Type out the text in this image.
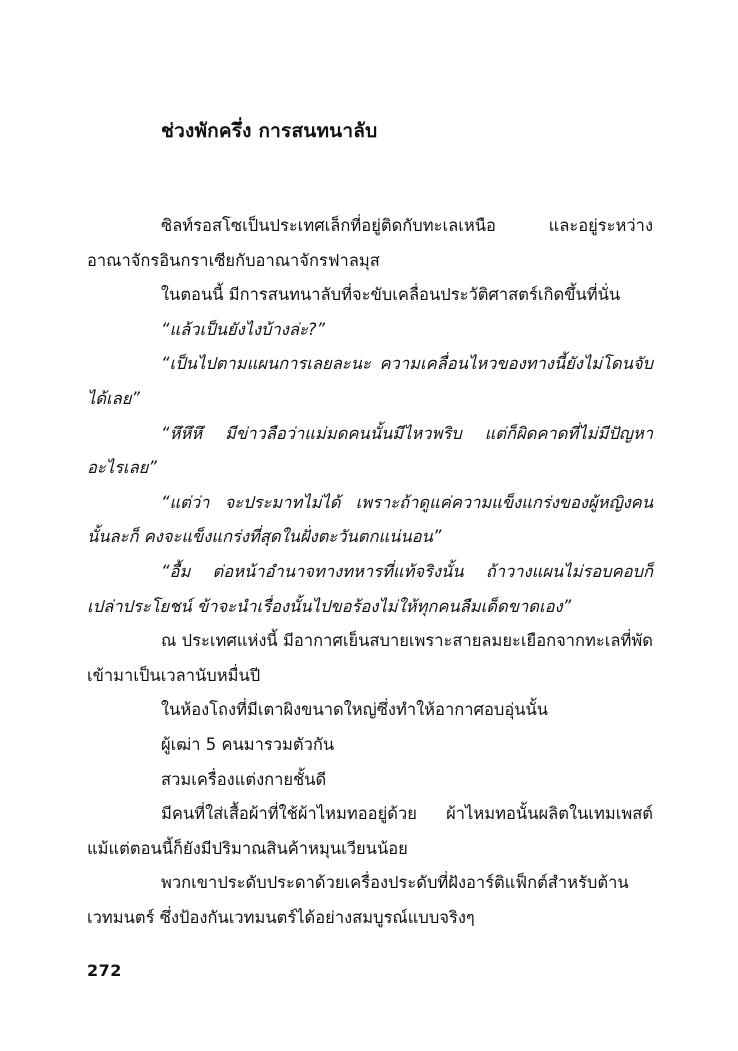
ช่วงพักครึ่ง การสนทนาลับ

ซิลท์รอสโซเป็นประเทศเล็กที่อยู่ติดกับทะเลเหนือ และอยู่ระหว่างอาณาจักรอินกราเซียกับอาณาจักรฟาลมุส

ในตอนนี้ มีการสนทนาลับที่จะขับเคลื่อนประวัติศาสตร์เกิดขึ้นที่นั่น

“แล้วเป็นยังไงบ้างล่ะ?”

“เป็นไปตามแผนการเลยละนะ ความเคลื่อนไหวของทางนี้ยังไม่โดนจับได้เลย”

“หึหึหึ มีข่าวลือว่าแม่มดคนนั้นมีไหวพริบ แต่ก็ผิดคาดที่ไม่มีปัญหาอะไรเลย”

“แต่ว่า จะประมาทไม่ได้ เพราะถ้าดูแค่ความแข็งแกร่งของผู้หญิงคนนั้นละก็ คงจะแข็งแกร่งที่สุดในฝั่งตะวันตกแน่นอน”

“อื้ม ต่อหน้าอำนาจทางทหารที่แท้จริงนั้น ถ้าวางแผนไม่รอบคอบก็เปล่าประโยชน์ ข้าจะนำเรื่องนั้นไปขอร้องไม่ให้ทุกคนลืมเด็ดขาดเอง”

ณ ประเทศแห่งนี้ มีอากาศเย็นสบายเพราะสายลมยะเยือกจากทะเลที่พัดเข้ามาเป็นเวลานับหมื่นปี

ในห้องโถงที่มีเตาผิงขนาดใหญ่ซึ่งทำให้อากาศอบอุ่นนั้น

ผู้เฒ่า 5 คนมารวมตัวกัน

สวมเครื่องแต่งกายชั้นดี

มีคนที่ใส่เสื้อผ้าที่ใช้ผ้าไหมทออยู่ด้วย ผ้าไหมทอนั้นผลิตในเทมเพสต์ แม้แต่ตอนนี้ก็ยังมีปริมาณสินค้าหมุนเวียนน้อย

พวกเขาประดับประดาด้วยเครื่องประดับที่ฝังอาร์ติแฟ็กต์สำหรับต้านเวทมนตร์ ซึ่งป้องกันเวทมนตร์ได้อย่างสมบูรณ์แบบจริงๆ

272
